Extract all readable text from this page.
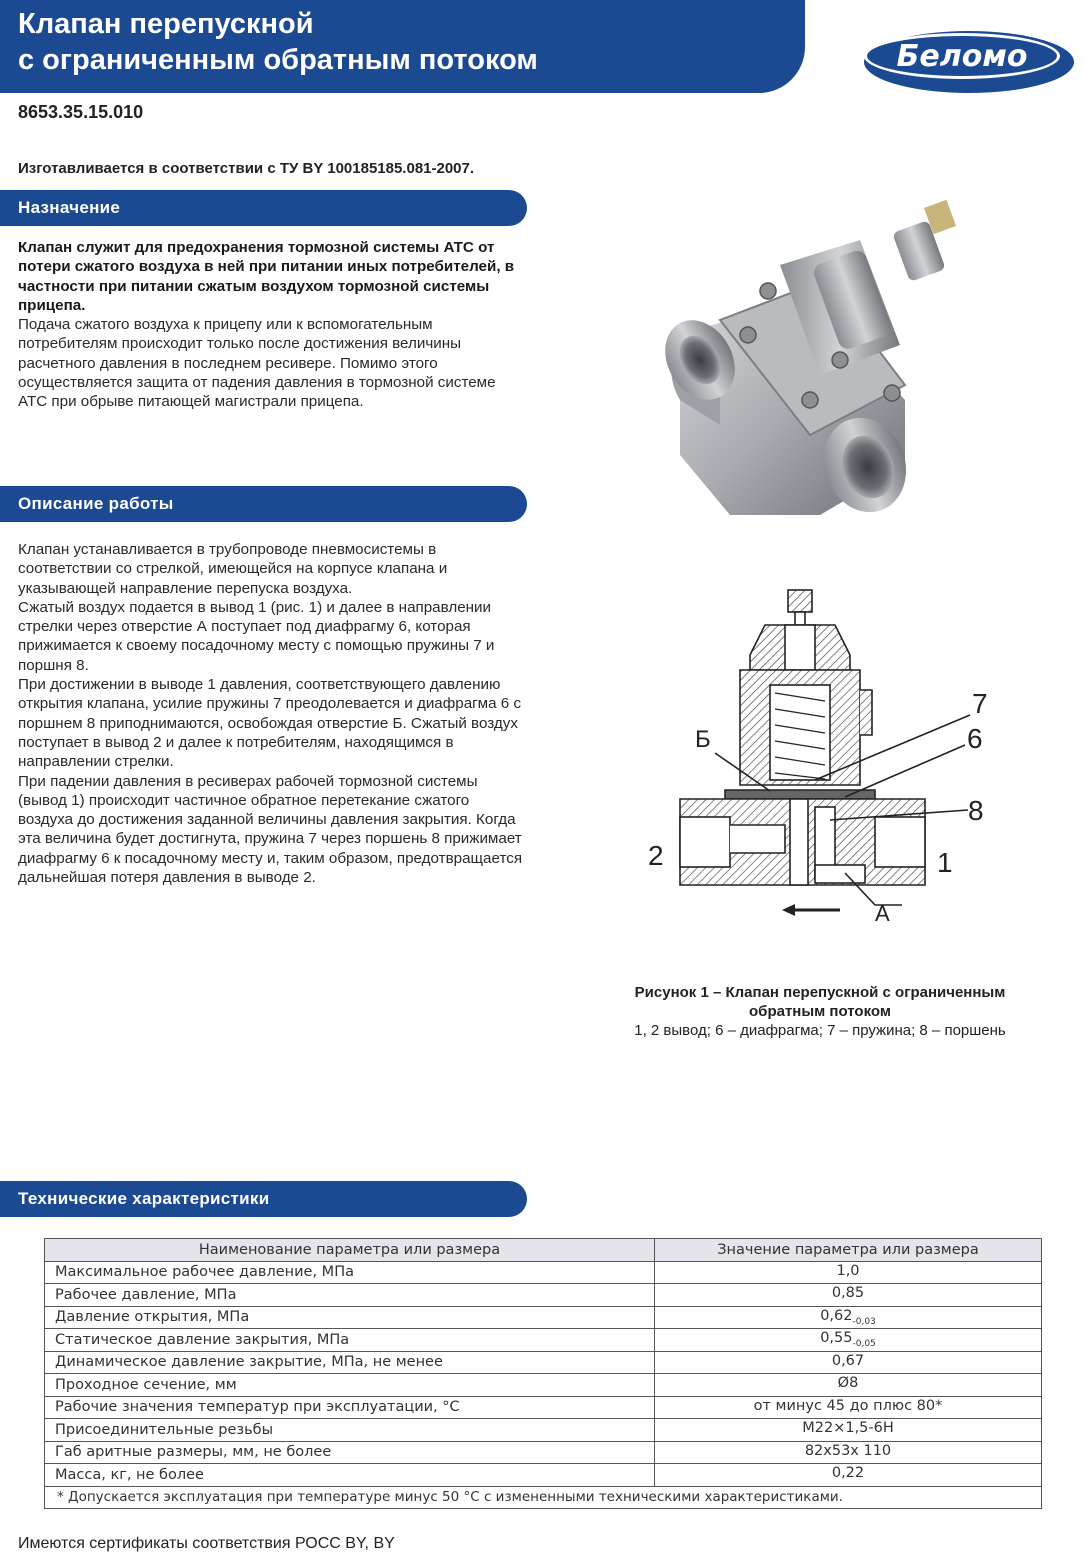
Клапан перепускной
с ограниченным обратным потоком	Беломо
8653.35.15.010
Изготавливается в соответствии с ТУ BY 100185185.081-2007.
Назначение

Клапан служит для предохранения тормозной системы АТС от потери сжатого воздуха в ней при питании иных потребителей, в частности при питании сжатым воздухом тормозной системы прицепа.

Подача сжатого воздуха к прицепу или к вспомогательным потребителям происходит только после достижения величины расчетного давления в последнем ресивере. Помимо этого осуществляется защита от падения давления в тормозной системе АТС при обрыве питающей магистрали прицепа.

Описание работы

Клапан устанавливается в трубопроводе пневмосистемы в соответствии со стрелкой, имеющейся на корпусе клапана и указывающей направление перепуска воздуха.

Сжатый воздух подается в вывод 1 (рис. 1) и далее в направлении стрелки через отверстие А поступает под диафрагму 6, которая прижимается к своему посадочному месту с помощью пружины 7 и поршня 8.

При достижении в выводе 1 давления, соответствующего давлению открытия клапана, усилие пружины 7 преодолевается и диафрагма 6 с поршнем 8 приподнимаются, освобождая отверстие Б. Сжатый воздух поступает в вывод 2 и далее к потребителям, находящимся в направлении стрелки.

При падении давления в ресиверах рабочей тормозной системы (вывод 1) происходит частичное обратное перетекание сжатого воздуха до достижения заданной величины давления закрытия. Когда эта величина будет достигнута, пружина 7 через поршень 8 прижимает диафрагму 6 к посадочному месту и, таким образом, предотвращается дальнейшая потеря давления в выводе 2.

Б
7
6
8
2	1
А
Рисунок 1 – Клапан перепускной с ограниченным обратным потоком
1, 2 вывод; 6 – диафрагма; 7 – пружина; 8 – поршень
Технические характеристики
Наименование параметра или размера	Значение параметра или размера
Максимальное рабочее давление, МПа	1,0
Рабочее давление, МПа	0,85
Давление открытия, МПа	$0,62_{-0,03}$
Статическое давление закрытия, МПа	$0,55_{-0,05}$
Динамическое давление закрытие, МПа, не менее	0,67
Проходное сечение, мм	Ø8
Рабочие значения температур при эксплуатации, °С	от минус 45 до плюс 80*
Присоединительные резьбы	М22×1,5-6Н
Габ аритные размеры, мм, не более	82х53х 110
Масса, кг, не более	0,22
* Допускается эксплуатация при температуре минус 50 °С с измененными техническими характеристиками.	
Имеются сертификаты соответствия РОСС BY, BY
